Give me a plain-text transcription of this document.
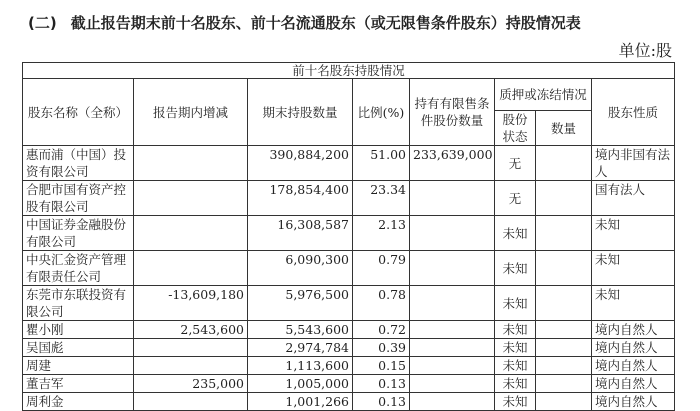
(二) 截止报告期末前十名股东、前十名流通股东（或无限售条件股东）持股情况表
单位:股
前十名股东持股情况							
股东名称（全称）	报告期内增减	期末持股数量	比例(%)	持有有限售条件股份数量	质押或冻结情况		股东性质
					股份状态	数量	
惠而浦（中国）投资有限公司		390,884,200	51.00	233,639,000	无		境内非国有法人
合肥市国有资产控股有限公司		178,854,400	23.34		无		国有法人
中国证券金融股份有限公司		16,308,587	2.13		未知		未知
中央汇金资产管理有限责任公司		6,090,300	0.79		未知		未知
东莞市东联投资有限公司	-13,609,180	5,976,500	0.78		未知		未知
瞿小刚	2,543,600	5,543,600	0.72		未知		境内自然人
吴国彪		2,974,784	0.39		未知		境内自然人
周建		1,113,600	0.15		未知		境内自然人
董吉军	235,000	1,005,000	0.13		未知		境内自然人
周利金		1,001,266	0.13		未知		境内自然人
